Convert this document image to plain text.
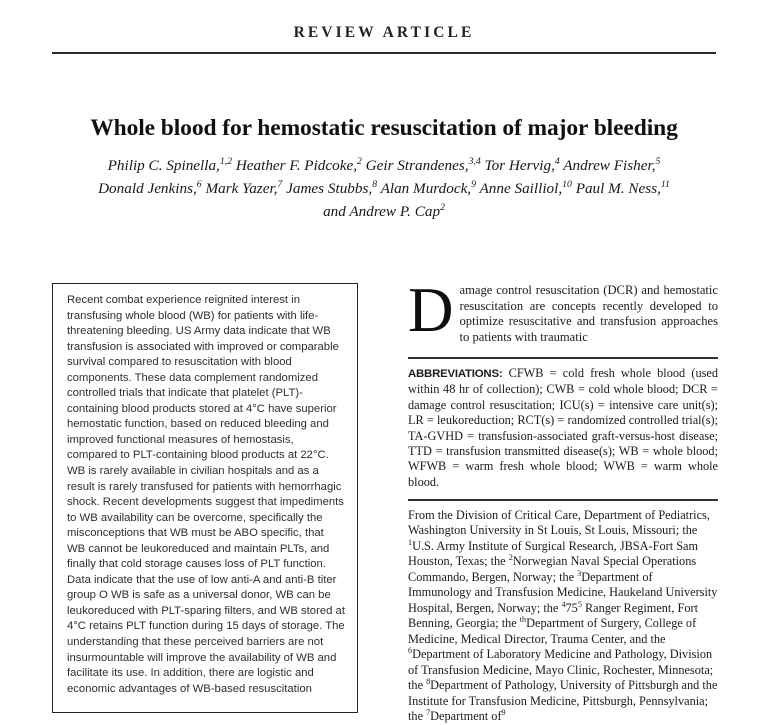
REVIEW ARTICLE
Whole blood for hemostatic resuscitation of major bleeding
Philip C. Spinella,$^{1,2}$ Heather F. Pidcoke,$^2$ Geir Strandenes,$^{3,4}$ Tor Hervig,$^4$ Andrew Fisher,$^5$
Donald Jenkins,$^6$ Mark Yazer,$^7$ James Stubbs,$^8$ Alan Murdock,$^9$ Anne Sailliol,$^{10}$ Paul M. Ness,$^{11}$
and Andrew P. Cap$^2$

Recent combat experience reignited interest in transfusing whole blood (WB) for patients with life-threatening bleeding. US Army data indicate that WB transfusion is associated with improved or comparable survival compared to resuscitation with blood components. These data complement randomized controlled trials that indicate that platelet (PLT)-containing blood products stored at 4°C have superior hemostatic function, based on reduced bleeding and improved functional measures of hemostasis, compared to PLT-containing blood products at 22°C.

WB is rarely available in civilian hospitals and as a result is rarely transfused for patients with hemorrhagic shock. Recent developments suggest that impediments to WB availability can be overcome, specifically the misconceptions that WB must be ABO specific, that WB cannot be leukoreduced and maintain PLTs, and finally that cold storage causes loss of PLT function. Data indicate that the use of low anti-A and anti-B titer group O WB is safe as a universal donor, WB can be leukoreduced with PLT-sparing filters, and WB stored at 4°C retains PLT function during 15 days of storage. The understanding that these perceived barriers are not insurmountable will improve the availability of WB and facilitate its use. In addition, there are logistic and economic advantages of WB-based resuscitation

Damage control resuscitation (DCR) and hemostatic resuscitation are concepts recently developed to optimize resuscitative and transfusion approaches to patients with traumatic

ABBREVIATIONS: CFWB = cold fresh whole blood (used within 48 hr of collection); CWB = cold whole blood; DCR = damage control resuscitation; ICU(s) = intensive care unit(s); LR = leukoreduction; RCT(s) = randomized controlled trial(s); TA-GVHD = transfusion-associated graft-versus-host disease; TTD = transfusion transmitted disease(s); WB = whole blood; WFWB = warm fresh whole blood; WWB = warm whole blood.
From the Division of Critical Care, Department of Pediatrics, Washington University in St Louis, St Louis, Missouri; the $^1$U.S. Army Institute of Surgical Research, JBSA-Fort Sam Houston, Texas; the $^2$Norwegian Naval Special Operations Commando, Bergen, Norway; the $^3$Department of Immunology and Transfusion Medicine, Haukeland University Hospital, Bergen, Norway; the $^475^5$ Ranger Regiment, Fort Benning, Georgia; the $^{th}$Department of Surgery, College of Medicine, Medical Director, Trauma Center, and the $^6$Department of Laboratory Medicine and Pathology, Division of Transfusion Medicine, Mayo Clinic, Rochester, Minnesota; the $^8$Department of Pathology, University of Pittsburgh and the Institute for Transfusion Medicine, Pittsburgh, Pennsylvania; the $^7$Department $of^9$
